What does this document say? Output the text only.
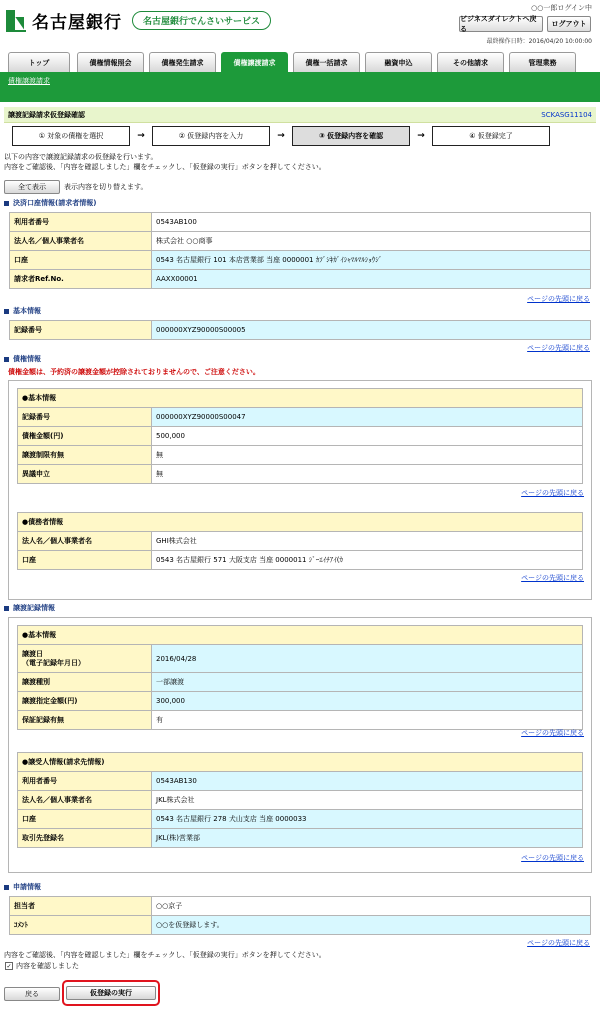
名古屋銀行	名古屋銀行でんさいサービス
○○一郎ログイン中
ビジネスダイレクトへ戻る
ログアウト
最終操作日時：2016/04/20 10:00:00
トップ	債権情報照会	債権発生請求	債権譲渡請求	債権一括請求	融資申込	その他請求	管理業務
債権譲渡請求
譲渡記録請求仮登録確認	SCKASG11104
① 対象の債権を選択	→	② 仮登録内容を入力	→	③ 仮登録内容を確認	→	④ 仮登録完了
以下の内容で譲渡記録請求の仮登録を行います。
内容をご確認後、「内容を確認しました」欄をチェックし、「仮登録の実行」ボタンを押してください。
全て表示	表示内容を切り替えます。
決済口座情報(請求者情報)
利用者番号	0543AB100
法人名／個人事業者名	株式会社 ○○商事
口座	0543 名古屋銀行 101 本店営業部 当座 0000001 ｶﾌﾞｼｷｶﾞｲｼｬﾏﾙﾏﾙｼｮｳｼﾞ
請求者Ref.No.	AAXX00001
ページの先頭に戻る
基本情報
記録番号	000000XYZ90000S00005
ページの先頭に戻る
債権情報
債権金額は、予約済の譲渡金額が控除されておりませんので、ご注意ください。
●基本情報	
記録番号	000000XYZ90000S00047
債権金額(円)	500,000
譲渡制限有無	無
異議申立	無
ページの先頭に戻る
●債務者情報	
法人名／個人事業者名	GHI株式会社
口座	0543 名古屋銀行 571 大阪支店 当座 0000011 ｼﾞｰｴｲﾁｱｲ(ｶ
ページの先頭に戻る
譲渡記録情報
●基本情報	
譲渡日
（電子記録年月日）	2016/04/28
譲渡種別	一部譲渡
譲渡指定金額(円)	300,000
保証記録有無	有
ページの先頭に戻る
●譲受人情報(請求先情報)	
利用者番号	0543AB130
法人名／個人事業者名	JKL株式会社
口座	0543 名古屋銀行 278 犬山支店 当座 0000033
取引先登録名	JKL(株)営業部
ページの先頭に戻る
申請情報
担当者	○○京子
ｺﾒﾝﾄ	○○を仮登録します。
ページの先頭に戻る
内容をご確認後、「内容を確認しました」欄をチェックし、「仮登録の実行」ボタンを押してください。
✓ 内容を確認しました
戻る	仮登録の実行
